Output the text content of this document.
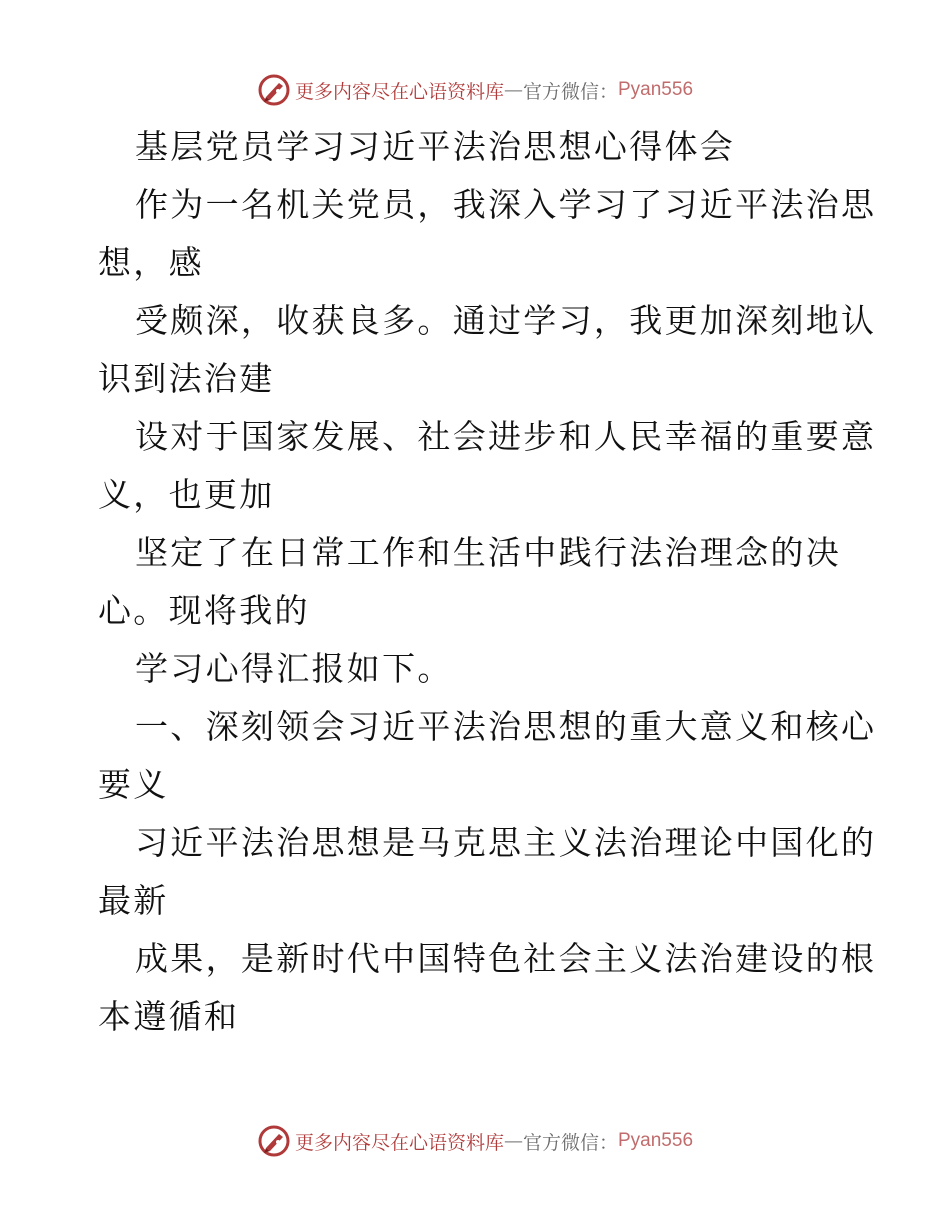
更多内容尽在心语资料库 — 官方微信： Pyan556
基层党员学习习近平法治思想心得体会
作为一名机关党员，我深入学习了习近平法治思
想，感
受颇深，收获良多。通过学习，我更加深刻地认
识到法治建
设对于国家发展、社会进步和人民幸福的重要意
义，也更加
坚定了在日常工作和生活中践行法治理念的决
心。现将我的
学习心得汇报如下。
一、深刻领会习近平法治思想的重大意义和核心
要义
习近平法治思想是马克思主义法治理论中国化的
最新
成果，是新时代中国特色社会主义法治建设的根
本遵循和
更多内容尽在心语资料库 — 官方微信： Pyan556
